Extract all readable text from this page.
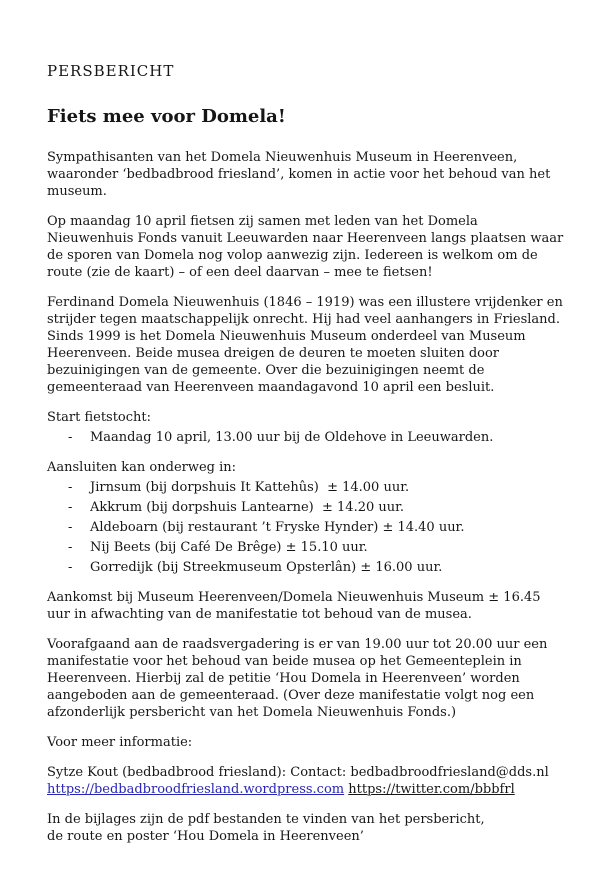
PERSBERICHT
Fiets mee voor Domela!

Sympathisanten van het Domela Nieuwenhuis Museum in Heerenveen, waaronder ‘bedbadbrood friesland’, komen in actie voor het behoud van het museum.

Op maandag 10 april fietsen zij samen met leden van het Domela Nieuwenhuis Fonds vanuit Leeuwarden naar Heerenveen langs plaatsen waar de sporen van Domela nog volop aanwezig zijn. Iedereen is welkom om de route (zie de kaart) – of een deel daarvan – mee te fietsen!

Ferdinand Domela Nieuwenhuis (1846 – 1919) was een illustere vrijdenker en strijder tegen maatschappelijk onrecht. Hij had veel aanhangers in Friesland. Sinds 1999 is het Domela Nieuwenhuis Museum onderdeel van Museum Heerenveen. Beide musea dreigen de deuren te moeten sluiten door bezuinigingen van de gemeente. Over die bezuinigingen neemt de gemeenteraad van Heerenveen maandagavond 10 april een besluit.

Start fietstocht:

- Maandag 10 april, 13.00 uur bij de Oldehove in Leeuwarden.

Aansluiten kan onderweg in:

- Jirnsum (bij dorpshuis It Kattehûs)  ± 14.00 uur.
- Akkrum (bij dorpshuis Lantearne)  ± 14.20 uur.
- Aldeboarn (bij restaurant ’t Fryske Hynder) ± 14.40 uur.
- Nij Beets (bij Café De Brêge) ± 15.10 uur.
- Gorredijk (bij Streekmuseum Opsterlân) ± 16.00 uur.

Aankomst bij Museum Heerenveen/Domela Nieuwenhuis Museum ± 16.45 uur in afwachting van de manifestatie tot behoud van de musea.

Voorafgaand aan de raadsvergadering is er van 19.00 uur tot 20.00 uur een manifestatie voor het behoud van beide musea op het Gemeenteplein in Heerenveen. Hierbij zal de petitie ‘Hou Domela in Heerenveen’ worden aangeboden aan de gemeenteraad. (Over deze manifestatie volgt nog een afzonderlijk persbericht van het Domela Nieuwenhuis Fonds.)

Voor meer informatie:

Sytze Kout (bedbadbrood friesland): Contact: bedbadbroodfriesland@dds.nl
https://bedbadbroodfriesland.wordpress.com https://twitter.com/bbbfrl
In de bijlages zijn de pdf bestanden te vinden van het persbericht,
de route en poster ‘Hou Domela in Heerenveen’
